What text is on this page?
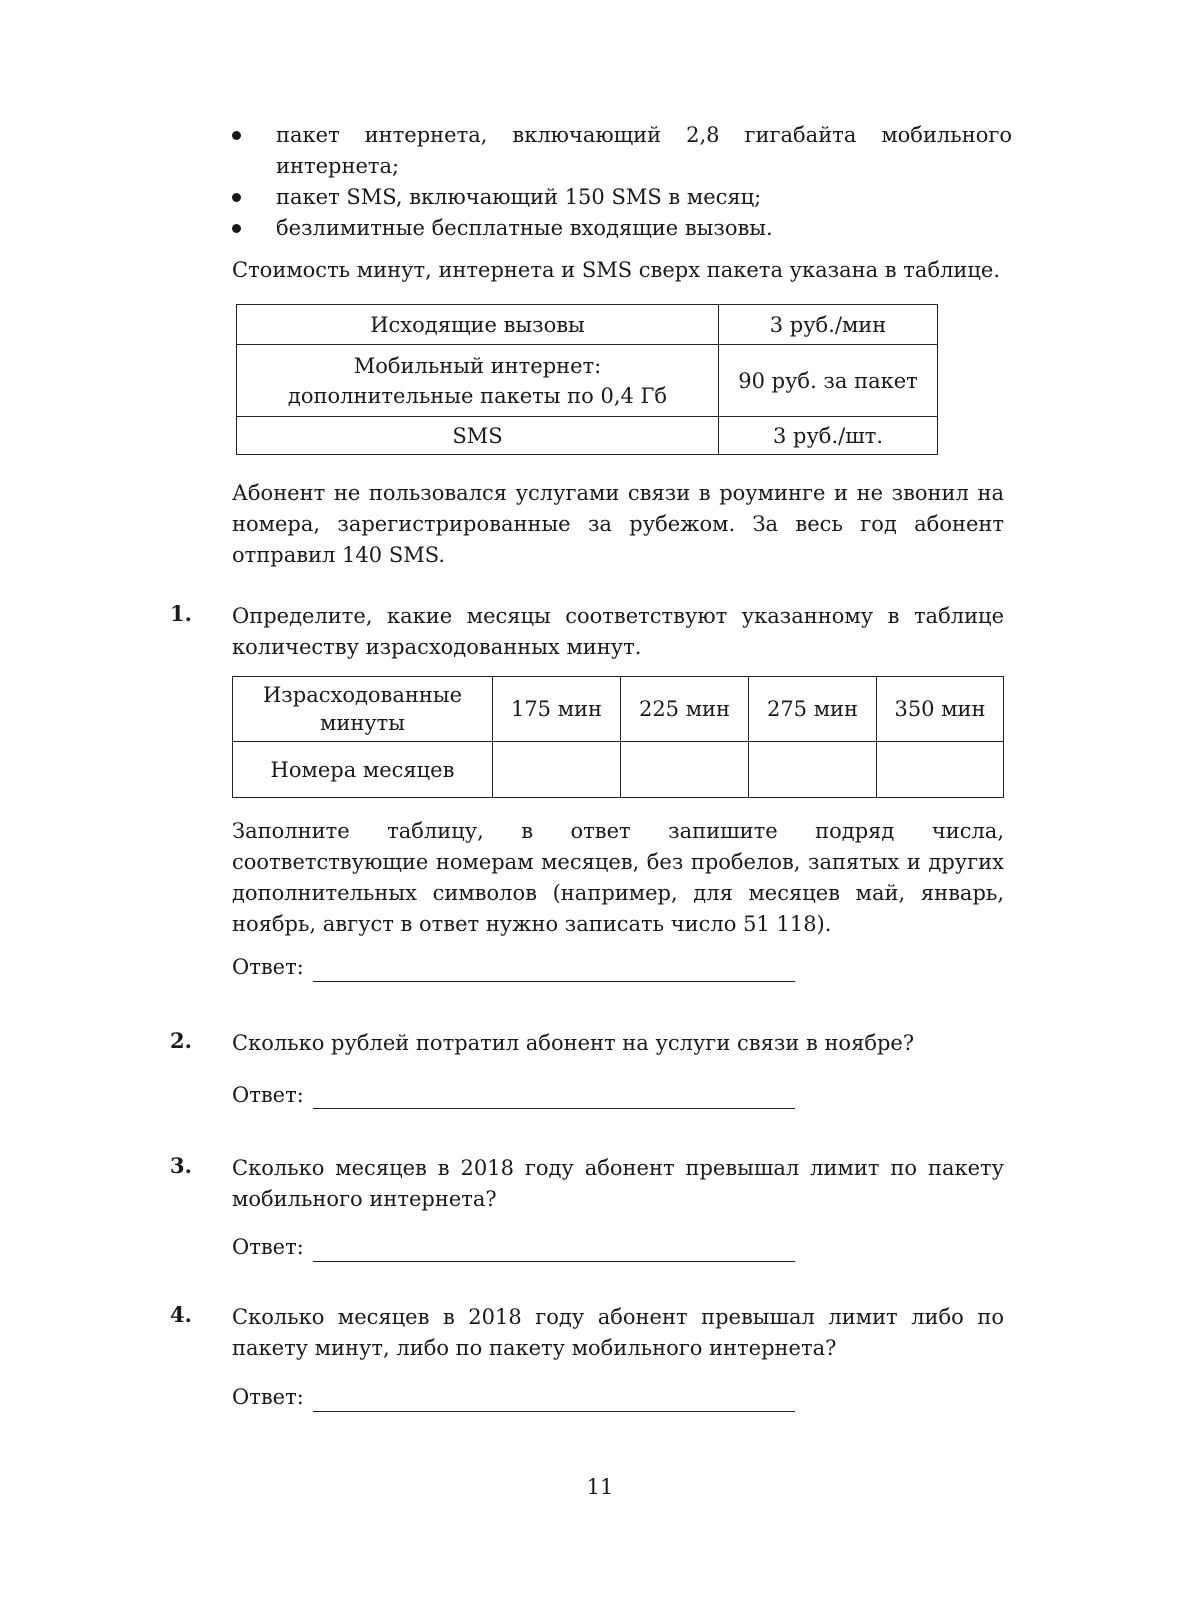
пакет интернета, включающий 2,8 гигабайта мобильного интернета;
пакет SMS, включающий 150 SMS в месяц;
безлимитные бесплатные входящие вызовы.
Стоимость минут, интернета и SMS сверх пакета указана в таблице.
Исходящие вызовы	3 руб./мин

Мобильный интернет:
дополнительные пакеты по 0,4 Гб	90 руб. за пакет
SMS	3 руб./шт.
Абонент не пользовался услугами связи в роуминге и не звонил на номера, зарегистрированные за рубежом. За весь год абонент отправил 140 SMS.
1. Определите, какие месяцы соответствуют указанному в таблице количеству израсходованных минут.
Израсходованные
минуты	175 мин	225 мин	275 мин	350 мин
Номера месяцев				
Заполните таблицу, в ответ запишите подряд числа, соответствующие номерам месяцев, без пробелов, запятых и других дополнительных символов (например, для месяцев май, январь, ноябрь, август в ответ нужно записать число 51 118).
Ответ:
2. Сколько рублей потратил абонент на услуги связи в ноябре?
Ответ:
3. Сколько месяцев в 2018 году абонент превышал лимит по пакету мобильного интернета?
Ответ:
4. Сколько месяцев в 2018 году абонент превышал лимит либо по пакету минут, либо по пакету мобильного интернета?
Ответ:
11
